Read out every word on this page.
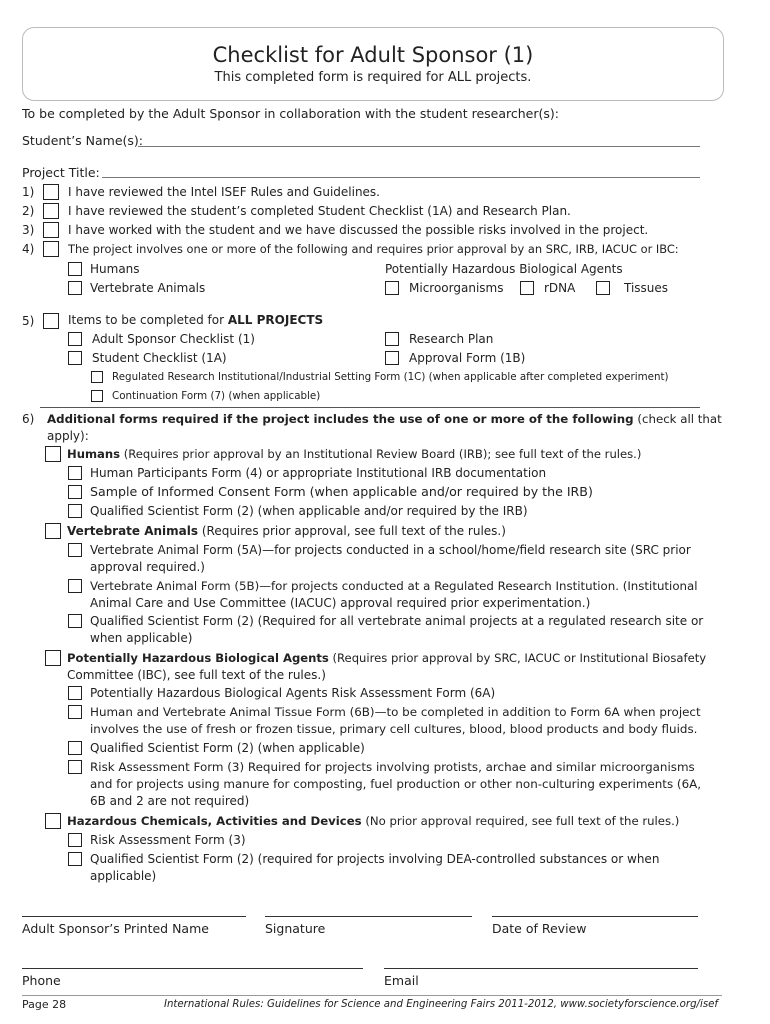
Checklist for Adult Sponsor (1)
This completed form is required for ALL projects.
To be completed by the Adult Sponsor in collaboration with the student researcher(s):
Student’s Name(s):
Project Title:
1)	I have reviewed the Intel ISEF Rules and Guidelines.
2)	I have reviewed the student’s completed Student Checklist (1A) and Research Plan.
3)	I have worked with the student and we have discussed the possible risks involved in the project.
4)	The project involves one or more of the following and requires prior approval by an SRC, IRB, IACUC or IBC:
Humans	Potentially Hazardous Biological Agents
Vertebrate Animals	Microorganisms	rDNA	Tissues
5)	Items to be completed for ALL PROJECTS
Adult Sponsor Checklist (1)	Research Plan
Student Checklist (1A)	Approval Form (1B)
Regulated Research Institutional/Industrial Setting Form (1C) (when applicable after completed experiment)
Continuation Form (7) (when applicable)
6) Additional forms required if the project includes the use of one or more of the following (check all that
apply):
Humans (Requires prior approval by an Institutional Review Board (IRB); see full text of the rules.)
Human Participants Form (4) or appropriate Institutional IRB documentation
Sample of Informed Consent Form (when applicable and/or required by the IRB)
Qualified Scientist Form (2) (when applicable and/or required by the IRB)
Vertebrate Animals (Requires prior approval, see full text of the rules.)
Vertebrate Animal Form (5A)—for projects conducted in a school/home/field research site (SRC prior
approval required.)
Vertebrate Animal Form (5B)—for projects conducted at a Regulated Research Institution. (Institutional
Animal Care and Use Committee (IACUC) approval required prior experimentation.)
Qualified Scientist Form (2) (Required for all vertebrate animal projects at a regulated research site or
when applicable)
Potentially Hazardous Biological Agents (Requires prior approval by SRC, IACUC or Institutional Biosafety
Committee (IBC), see full text of the rules.)
Potentially Hazardous Biological Agents Risk Assessment Form (6A)
Human and Vertebrate Animal Tissue Form (6B)—to be completed in addition to Form 6A when project
involves the use of fresh or frozen tissue, primary cell cultures, blood, blood products and body fluids.
Qualified Scientist Form (2) (when applicable)
Risk Assessment Form (3) Required for projects involving protists, archae and similar microorganisms
and for projects using manure for composting, fuel production or other non-culturing experiments (6A,
6B and 2 are not required)
Hazardous Chemicals, Activities and Devices (No prior approval required, see full text of the rules.)
Risk Assessment Form (3)
Qualified Scientist Form (2) (required for projects involving DEA-controlled substances or when
applicable)
Adult Sponsor’s Printed Name	Signature	Date of Review
Phone	Email
Page 28	International Rules: Guidelines for Science and Engineering Fairs 2011-2012, www.societyforscience.org/isef
